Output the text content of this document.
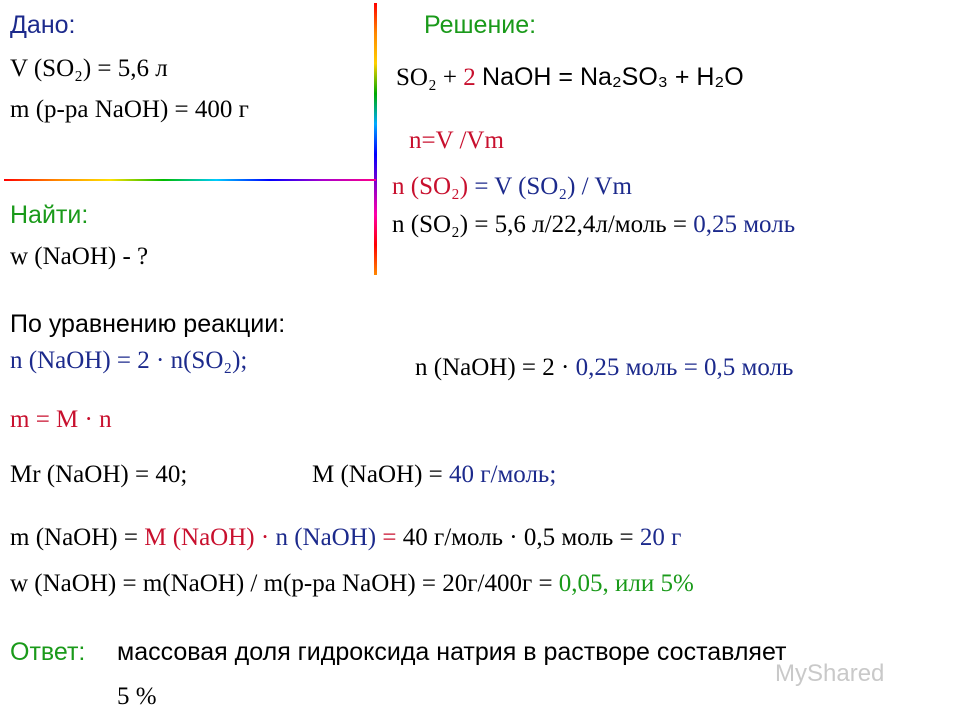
Дано:
V (SO₂) = 5,6 л
m (р-ра NaOH) = 400 г
Найти:
w (NaOH) - ?
Решение:
SO₂ + 2 NaOH = Na₂SO₃ + H₂O
n=V /Vm
n (SO₂) = V (SO₂) / Vm
n (SO₂) = 5,6 л/22,4л/моль = 0,25 моль
По уравнению реакции:
n (NaOH) = 2 · n(SO₂);	n (NaOH) = 2 · 0,25 моль = 0,5 моль
m = M · n
Mr (NaOH) = 40;	M (NaOH) = 40 г/моль;
m (NaOH) = M (NaOH) · n (NaOH) = 40 г/моль · 0,5 моль = 20 г
w (NaOH) = m(NaOH) / m(р-ра NaOH) = 20г/400г = 0,05, или 5%
Ответ: массовая доля гидроксида натрия в растворе составляет
5 %
MyShared
